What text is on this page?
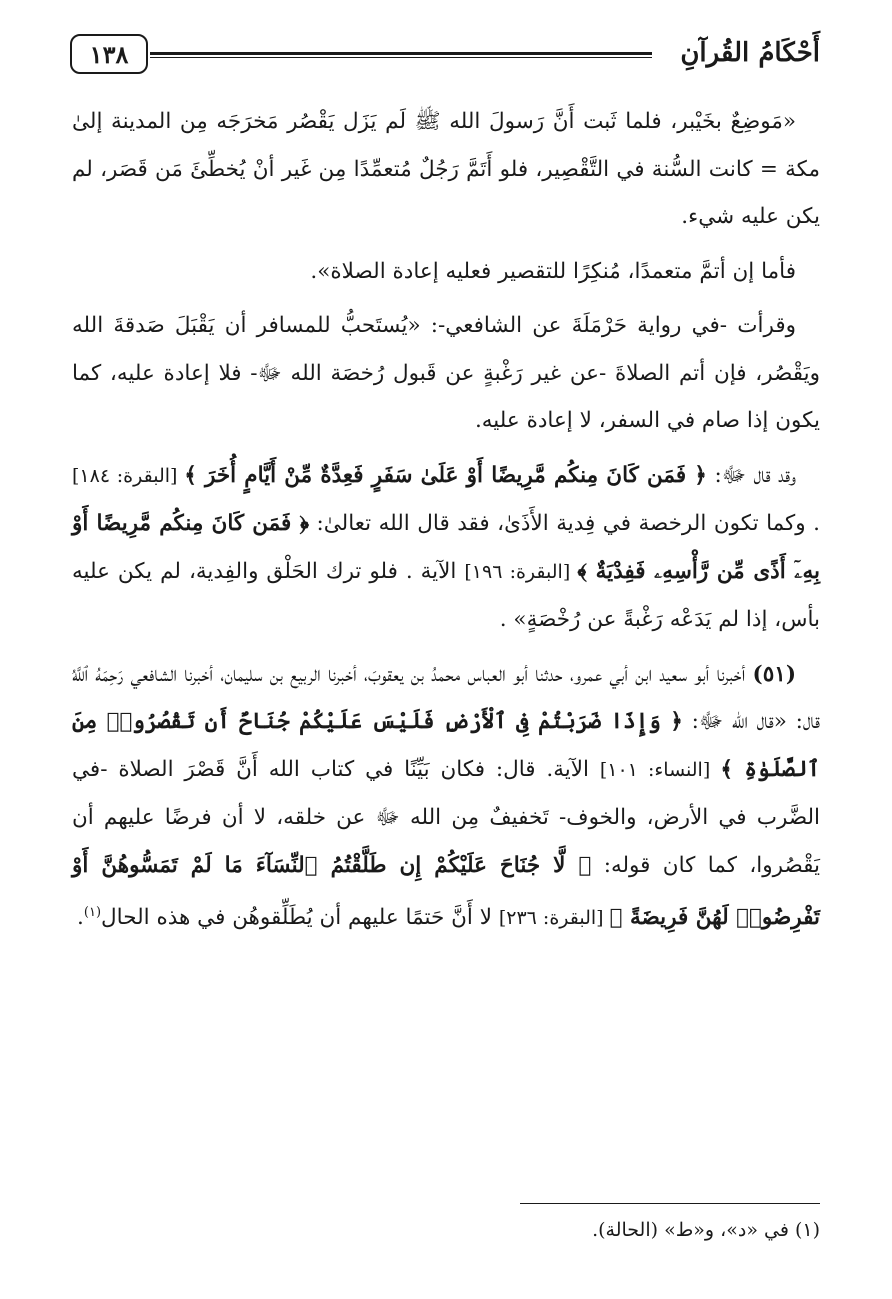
أَحْكَامُ القُرآنِ
١٣٨

«مَوضِعٌ بخَيْبر، فلما ثَبت أَنَّ رَسولَ الله ﷺ لَم يَزَل يَقْصُر مَخرَجَه مِن المدينة إلىٰ مكة = كانت السُّنة في التَّقْصِير، فلو أَتَمَّ رَجُلٌ مُتعمِّدًا مِن غَير أنْ يُخطِّئَ مَن قَصَر، لم يكن عليه شيء.

فأما إن أتمَّ متعمدًا، مُنكِرًا للتقصير فعليه إعادة الصلاة».

وقرأت -في رواية حَرْمَلَةَ عن الشافعي-: «يُستَحبُّ للمسافر أن يَقْبَلَ صَدقةَ الله ويَقْصُر، فإن أتم الصلاةَ -عن غير رَغْبةٍ عن قَبول رُخصَة الله ﷻ- فلا إعادة عليه، كما يكون إذا صام في السفر، لا إعادة عليه.

وقد قال ﷻ: ﴿ فَمَن كَانَ مِنكُم مَّرِيضًا أَوْ عَلَىٰ سَفَرٍ فَعِدَّةٌ مِّنْ أَيَّامٍ أُخَرَ ﴾ [البقرة: ١٨٤] . وكما تكون الرخصة في فِدية الأَذَىٰ، فقد قال الله تعالىٰ: ﴿ فَمَن كَانَ مِنكُم مَّرِيضًا أَوْ بِهِۦٓ أَذًى مِّن رَّأْسِهِۦ فَفِدْيَةٌ ﴾ [البقرة: ١٩٦] الآية . فلو ترك الحَلْق والفِدية، لم يكن عليه بأس، إذا لم يَدَعْه رَغْبةً عن رُخْصَةٍ» .

(٥١) أخبرنا أبو سعيد ابن أبي عمرو، حدثنا أبو العباس محمدُ بن يعقوبَ، أخبرنا الربيع بن سليمان، أخبرنا الشافعي رَحِمَهُ ٱللَّهُ قال: «قال الله ﷻ: ﴿ وَإِذَا ضَرَبْتُمْ فِى ٱلْأَرْضِ فَلَيْسَ عَلَيْكُمْ جُنَاحٌ أَن تَقْصُرُوا۟ مِنَ ٱلصَّلَوٰةِ ﴾ [النساء: ١٠١] الآية. قال: فكان بَيِّنًا في كتاب الله أَنَّ قَصْرَ الصلاة -في الضَّرب في الأرض، والخوف- تَخفيفٌ مِن الله ﷻ عن خلقه، لا أن فرضًا عليهم أن يَقْصُروا، كما كان قوله: ﴿ لَّا جُنَاحَ عَلَيْكُمْ إِن طَلَّقْتُمُ ٱلنِّسَآءَ مَا لَمْ تَمَسُّوهُنَّ أَوْ تَفْرِضُوا۟ لَهُنَّ فَرِيضَةً ﴾ [البقرة: ٢٣٦] لا أَنَّ حَتمًا عليهم أن يُطَلِّقوهُن في هذه الحال$^{(١)}$.

(١) في «د»، و«ط» (الحالة).
